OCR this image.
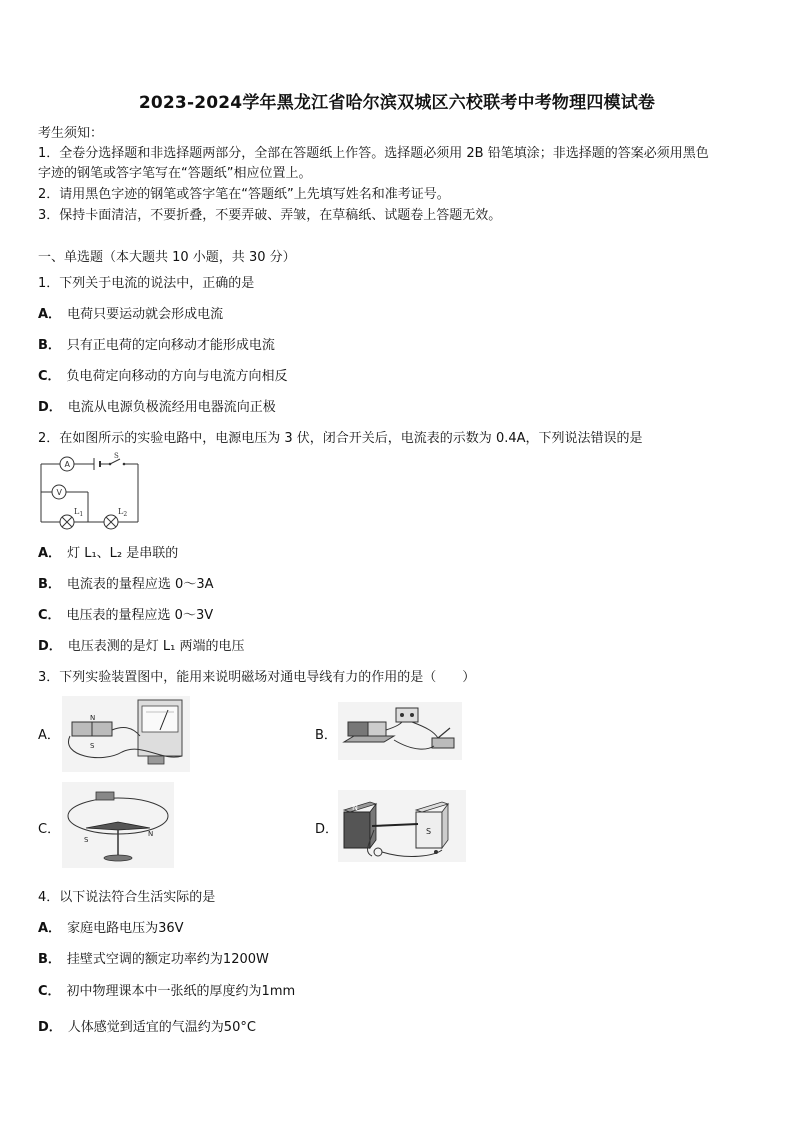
2023-2024学年黑龙江省哈尔滨双城区六校联考中考物理四模试卷
考生须知：
1．全卷分选择题和非选择题两部分，全部在答题纸上作答。选择题必须用 2B 铅笔填涂；非选择题的答案必须用黑色
字迹的钢笔或答字笔写在“答题纸”相应位置上。
2．请用黑色字迹的钢笔或答字笔在“答题纸”上先填写姓名和准考证号。
3．保持卡面清洁，不要折叠，不要弄破、弄皱，在草稿纸、试题卷上答题无效。
一、单选题（本大题共 10 小题，共 30 分）
1．下列关于电流的说法中，正确的是
A． 电荷只要运动就会形成电流
B． 只有正电荷的定向移动才能形成电流
C． 负电荷定向移动的方向与电流方向相反
D． 电流从电源负极流经用电器流向正极
2．在如图所示的实验电路中，电源电压为 3 伏，闭合开关后，电流表的示数为 0.4A，下列说法错误的是
S
A
V
$L_1$	$L_2$
A． 灯 L₁、L₂ 是串联的
B． 电流表的量程应选 0～3A
C． 电压表的量程应选 0～3V
D． 电压表测的是灯 L₁ 两端的电压
3．下列实验装置图中，能用来说明磁场对通电导线有力的作用的是（ ）
A．
N
S
B．
C．
S
N	D．
N
S
4．以下说法符合生活实际的是
A． 家庭电路电压为36V
B． 挂壁式空调的额定功率约为1200W
C． 初中物理课本中一张纸的厚度约为1mm
D． 人体感觉到适宜的气温约为50°C
